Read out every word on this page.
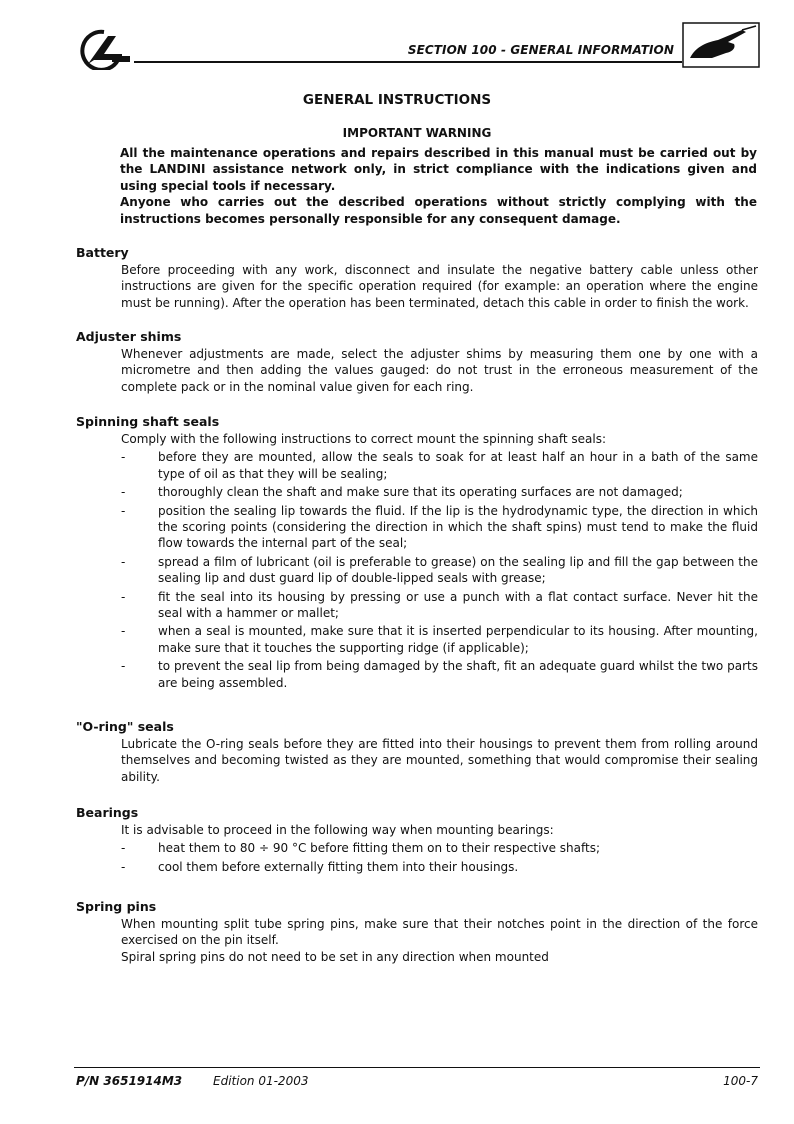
SECTION 100 - GENERAL INFORMATION
GENERAL INSTRUCTIONS
IMPORTANT WARNING

All the maintenance operations and repairs described in this manual must be carried out by the LANDINI assistance network only, in strict compliance with the indications given and using special tools if necessary.

Anyone who carries out the described operations without strictly complying with the instructions becomes personally responsible for any consequent damage.

Battery

Before proceeding with any work, disconnect and insulate the negative battery cable unless other instructions are given for the specific operation required (for example: an operation where the engine must be running). After the operation has been terminated, detach this cable in order to finish the work.

Adjuster shims

Whenever adjustments are made, select the adjuster shims by measuring them one by one with a micrometre and then adding the values gauged: do not trust in the erroneous measurement of the complete pack or in the nominal value given for each ring.

Spinning shaft seals

Comply with the following instructions to correct mount the spinning shaft seals:

-	before they are mounted, allow the seals to soak for at least half an hour in a bath of the same type of oil as that they will be sealing;
-	thoroughly clean the shaft and make sure that its operating surfaces are not damaged;
-	position the sealing lip towards the fluid. If the lip is the hydrodynamic type, the direction in which the scoring points (considering the direction in which the shaft spins) must tend to make the fluid flow towards the internal part of the seal;
-	spread a film of lubricant (oil is preferable to grease) on the sealing lip and fill the gap between the sealing lip and dust guard lip of double-lipped seals with grease;
-	fit the seal into its housing by pressing or use a punch with a flat contact surface. Never hit the seal with a hammer or mallet;
-	when a seal is mounted, make sure that it is inserted perpendicular to its housing. After mounting, make sure that it touches the supporting ridge (if applicable);
-	to prevent the seal lip from being damaged by the shaft, fit an adequate guard whilst the two parts are being assembled.
"O-ring" seals

Lubricate the O-ring seals before they are fitted into their housings to prevent them from rolling around themselves and becoming twisted as they are mounted, something that would compromise their sealing ability.

Bearings

It is advisable to proceed in the following way when mounting bearings:

-	heat them to 80 ÷ 90 °C before fitting them on to their respective shafts;
-	cool them before externally fitting them into their housings.
Spring pins

When mounting split tube spring pins, make sure that their notches point in the direction of the force exercised on the pin itself.

Spiral spring pins do not need to be set in any direction when mounted

P/N 3651914M3	Edition 01-2003	100-7
